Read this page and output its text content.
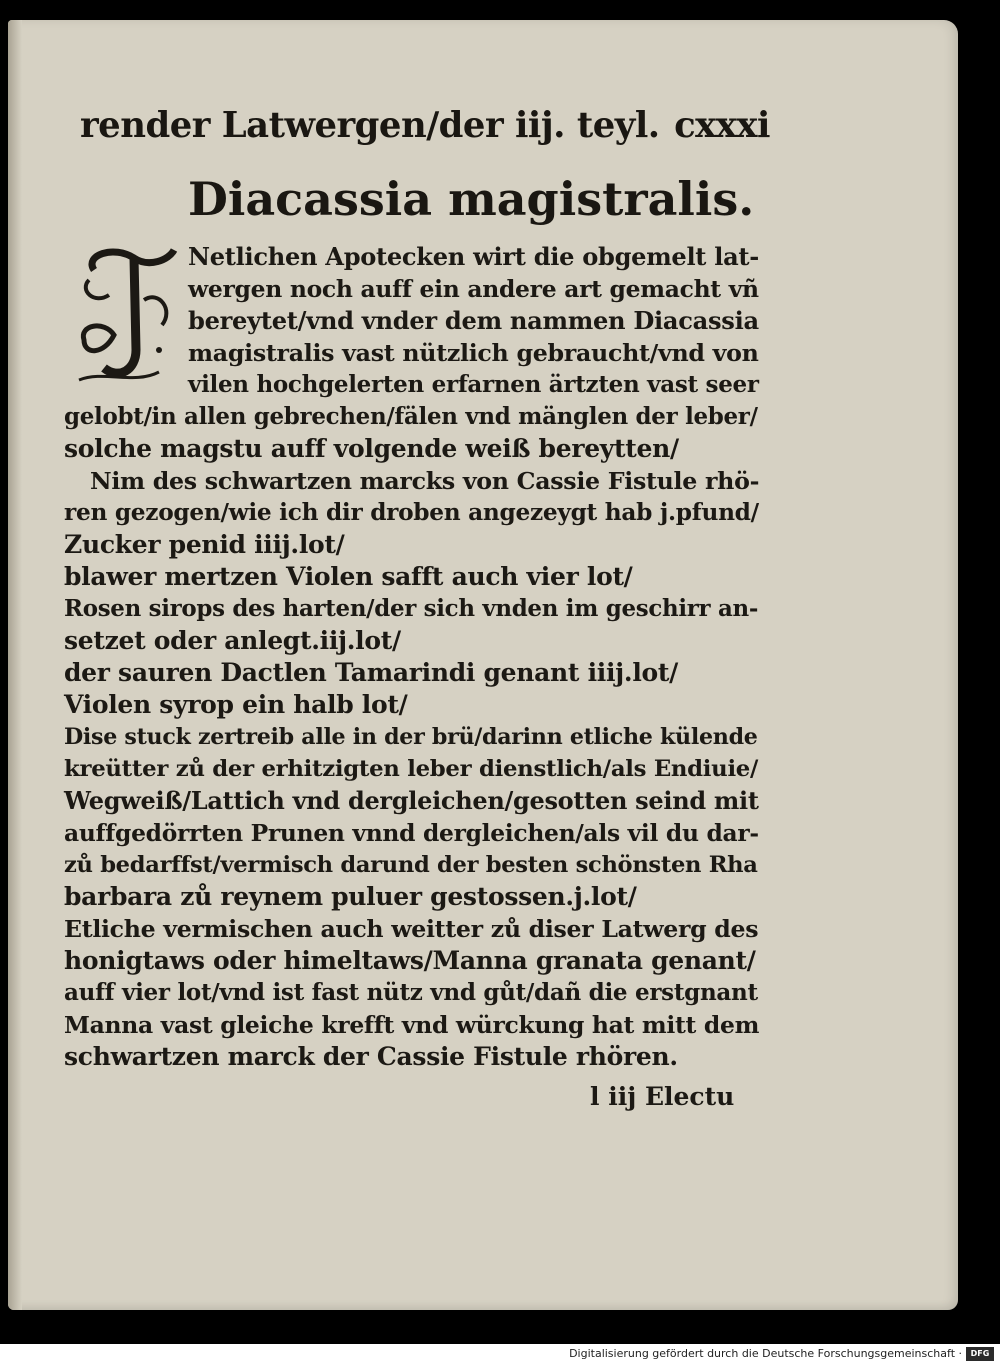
render Latwergen/der iij. teyl. cxxxi
Diacassia magistralis.
Netlichen Apotecken wirt die obgemelt lat-
wergen noch auff ein andere art gemacht vñ
bereytet/vnd vnder dem nammen Diacassia
magistralis vast nützlich gebraucht/vnd von
vilen hochgelerten erfarnen ärtzten vast seer
gelobt/in allen gebrechen/fälen vnd mänglen der leber/
solche magstu auff volgende weiß bereytten/
Nim des schwartzen marcks von Cassie Fistule rhö-
ren gezogen/wie ich dir droben angezeygt hab j.pfund/
Zucker penid iiij.lot/
blawer mertzen Violen safft auch vier lot/
Rosen sirops des harten/der sich vnden im geschirr an-
setzet oder anlegt.iij.lot/
der sauren Dactlen Tamarindi genant iiij.lot/
Violen syrop ein halb lot/
Dise stuck zertreib alle in der brü/darinn etliche külende
kreütter zů der erhitzigten leber dienstlich/als Endiuie/
Wegweiß/Lattich vnd dergleichen/gesotten seind mit
auffgedörrten Prunen vnnd dergleichen/als vil du dar-
zů bedarffst/vermisch darund der besten schönsten Rha
barbara zů reynem puluer gestossen.j.lot/
Etliche vermischen auch weitter zů diser Latwerg des
honigtaws oder himeltaws/Manna granata genant/
auff vier lot/vnd ist fast nütz vnd gůt/dañ die erstgnant
Manna vast gleiche krefft vnd würckung hat mitt dem
schwartzen marck der Cassie Fistule rhören.
l iij Electu
Digitalisierung gefördert durch die Deutsche Forschungsgemeinschaft ·	DFG
